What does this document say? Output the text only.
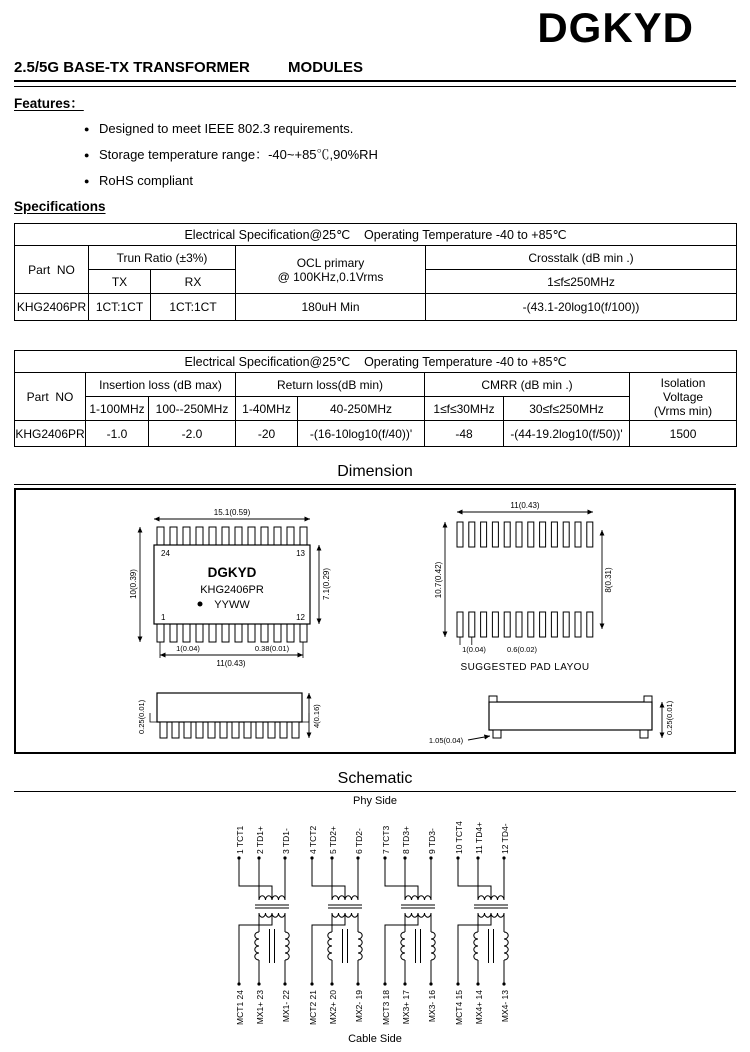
DGKYD
2.5/5G BASE-TX TRANSFORMER	MODULES
Features：
● Designed to meet IEEE 802.3 requirements.
● Storage temperature range：-40~+85℃,90%RH
● RoHS compliant
Specifications
Electrical Specification@25℃    Operating Temperature -40 to +85℃				
Part  NO	Trun Ratio (±3%)		OCL primary
@ 100KHz,0.1Vrms	Crosstalk (dB min .)
	TX	RX		1≤f≤250MHz
KHG2406PR	1CT:1CT	1CT:1CT	180uH Min	-(43.1-20log10(f/100))
Electrical Specification@25℃    Operating Temperature -40 to +85℃							
Part  NO	Insertion loss (dB max)		Return loss(dB min)		CMRR (dB min .)		Isolation
Voltage
(Vrms min)

	1-100MHz	100--250MHz	1-40MHz	40-250MHz	1≤f≤30MHz	30≤f≤250MHz	
KHG2406PR	-1.0	-2.0	-20	-(16-10log10(f/40))'	-48	-(44-19.2log10(f/50))'	1500
Dimension
15.1(0.59)
24	13
1	12
DGKYD
KHG2406PR
YYWW
10(0.39)	7.1(0.29)
1(0.04)	0.38(0.01)
11(0.43)
11(0.43)
10.7(0.42)	8(0.31)
1(0.04)	0.6(0.02)
SUGGESTED PAD LAYOU
0.25(0.01)	4(0.16)
1.05(0.04)
0.25(0.01)
Schematic
Phy Side
1 TCT1 2 TD1+ 3 TD1- 4 TCT2 5 TD2+ 6 TD2- 7 TCT3 8 TD3+ 9 TD3- 10 TCT4 11 TD4+ 12 TD4-
MCT1 24 MX1+ 23 MX1- 22 MCT2 21 MX2+ 20 MX2- 19 MCT3 18 MX3+ 17 MX3- 16 MCT4 15 MX4+ 14 MX4- 13
Cable Side
